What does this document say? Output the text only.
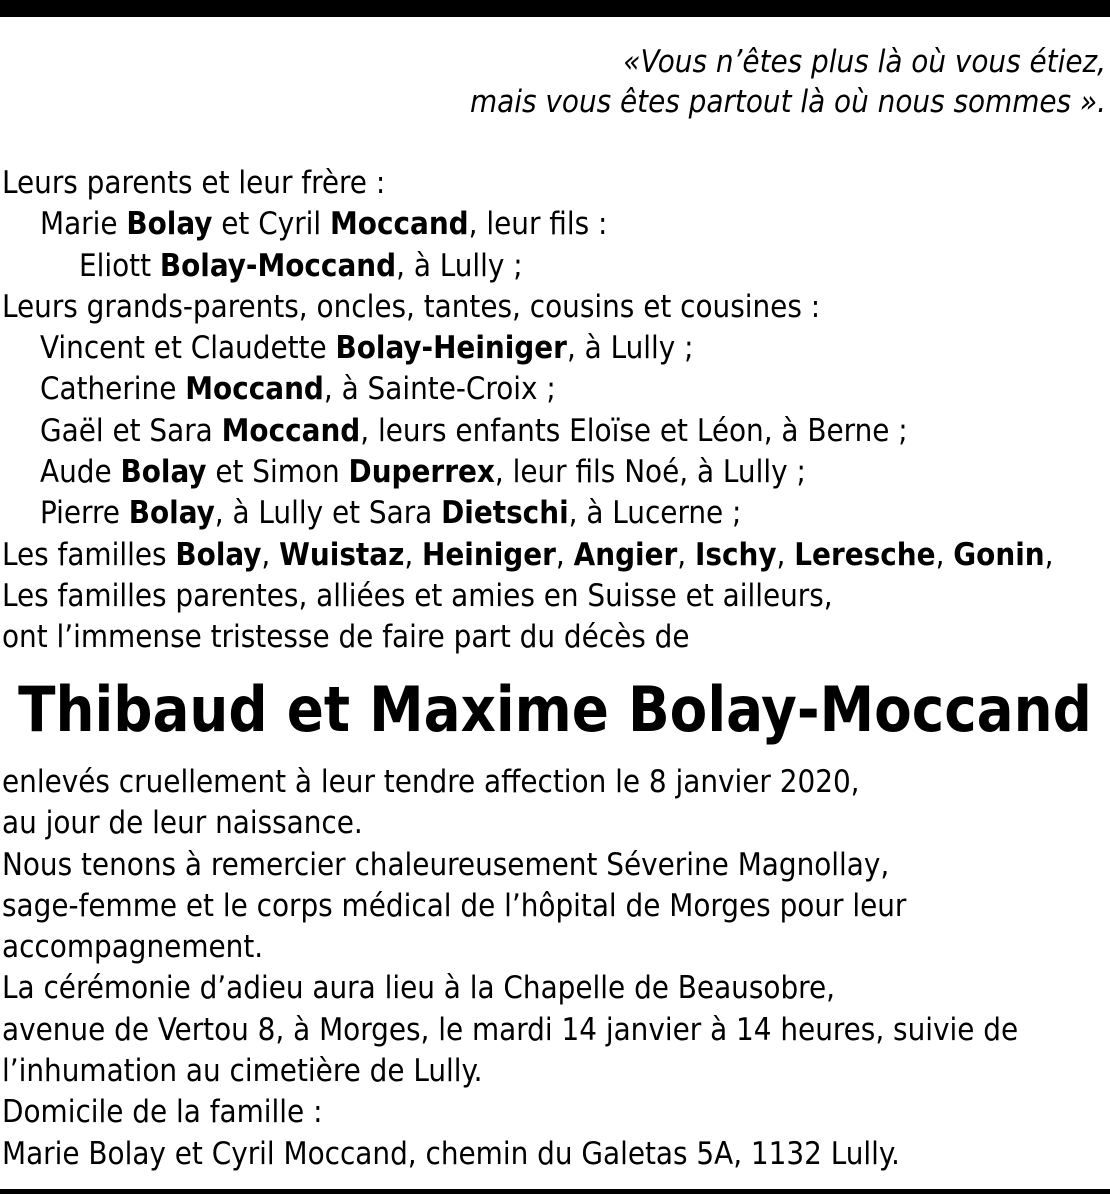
«Vous n’êtes plus là où vous étiez,
mais vous êtes partout là où nous sommes ».
Leurs parents et leur frère :
Marie Bolay et Cyril Moccand, leur fils :
Eliott Bolay-Moccand, à Lully ;
Leurs grands-parents, oncles, tantes, cousins et cousines :
Vincent et Claudette Bolay-Heiniger, à Lully ;
Catherine Moccand, à Sainte-Croix ;
Gaël et Sara Moccand, leurs enfants Eloïse et Léon, à Berne ;
Aude Bolay et Simon Duperrex, leur fils Noé, à Lully ;
Pierre Bolay, à Lully et Sara Dietschi, à Lucerne ;
Les familles Bolay, Wuistaz, Heiniger, Angier, Ischy, Leresche, Gonin,
Les familles parentes, alliées et amies en Suisse et ailleurs,
ont l’immense tristesse de faire part du décès de
Thibaud et Maxime Bolay-Moccand
enlevés cruellement à leur tendre affection le 8 janvier 2020,
au jour de leur naissance.
Nous tenons à remercier chaleureusement Séverine Magnollay,
sage-femme et le corps médical de l’hôpital de Morges pour leur
accompagnement.
La cérémonie d’adieu aura lieu à la Chapelle de Beausobre,
avenue de Vertou 8, à Morges, le mardi 14 janvier à 14 heures, suivie de
l’inhumation au cimetière de Lully.
Domicile de la famille :
Marie Bolay et Cyril Moccand, chemin du Galetas 5A, 1132 Lully.
